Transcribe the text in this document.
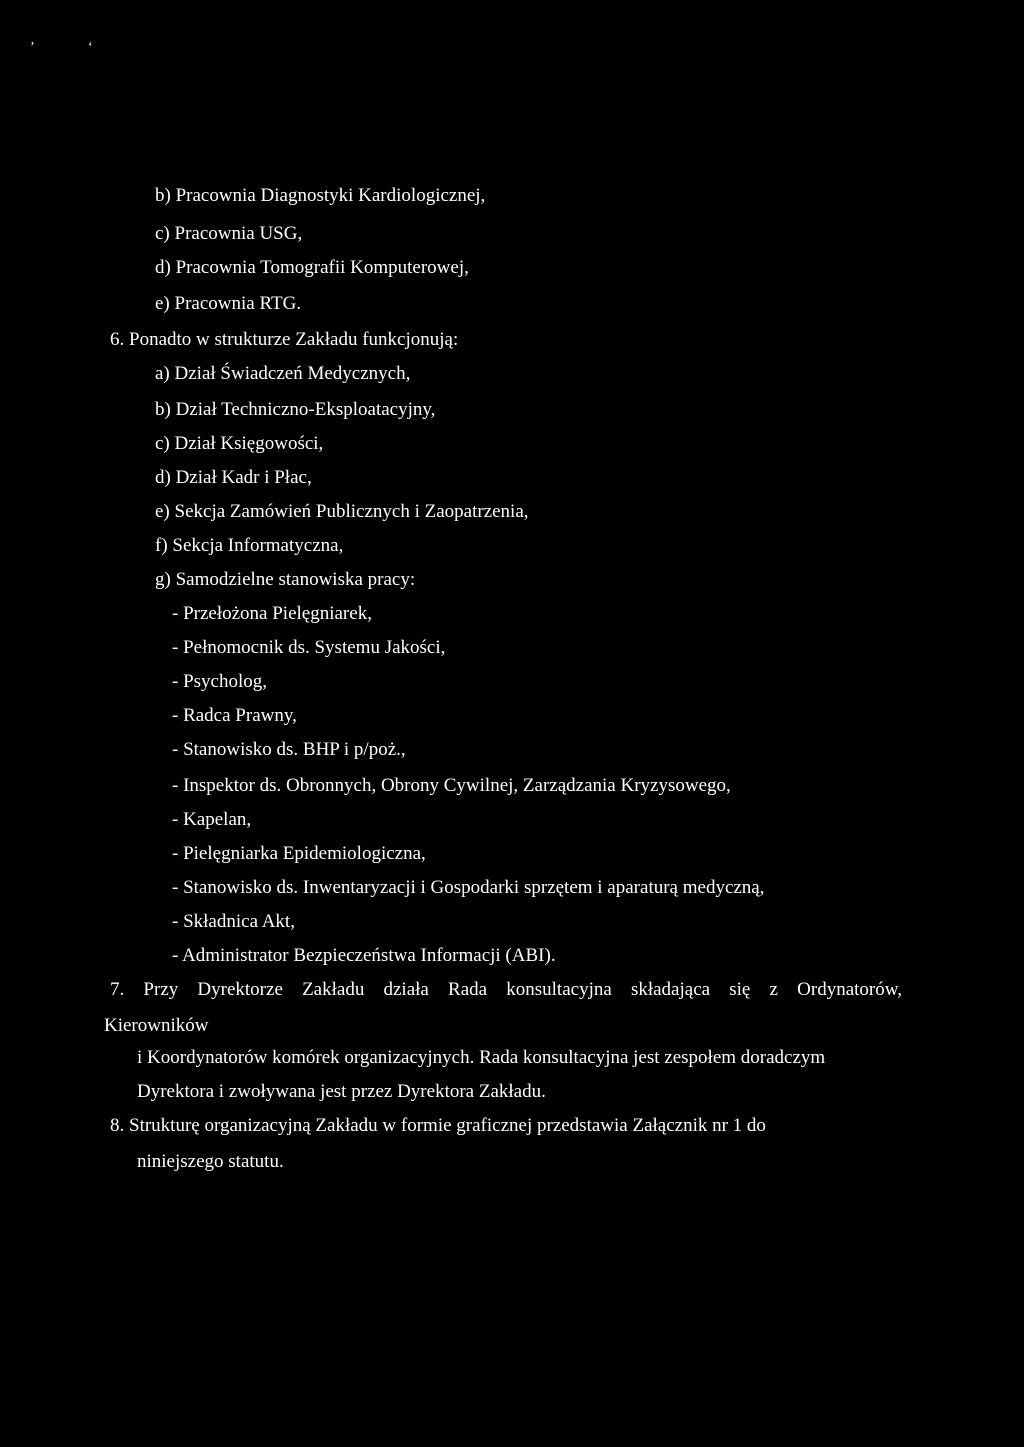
ʼ	ʻ
b) Pracownia Diagnostyki Kardiologicznej,
c) Pracownia USG,
d) Pracownia Tomografii Komputerowej,
e) Pracownia RTG.
6. Ponadto w strukturze Zakładu funkcjonują:
a) Dział Świadczeń Medycznych,
b) Dział Techniczno-Eksploatacyjny,
c) Dział Księgowości,
d) Dział Kadr i Płac,
e) Sekcja Zamówień Publicznych i Zaopatrzenia,
f) Sekcja Informatyczna,
g) Samodzielne stanowiska pracy:
- Przełożona Pielęgniarek,
- Pełnomocnik ds. Systemu Jakości,
- Psycholog,
- Radca Prawny,
- Stanowisko ds. BHP i p/poż.,
- Inspektor ds. Obronnych, Obrony Cywilnej, Zarządzania Kryzysowego,
- Kapelan,
- Pielęgniarka Epidemiologiczna,
- Stanowisko ds. Inwentaryzacji i Gospodarki sprzętem i aparaturą medyczną,
- Składnica Akt,
- Administrator Bezpieczeństwa Informacji (ABI).
7. Przy Dyrektorze Zakładu działa Rada konsultacyjna składająca się z Ordynatorów,
Kierowników
i Koordynatorów komórek organizacyjnych. Rada konsultacyjna jest zespołem doradczym
Dyrektora i zwoływana jest przez Dyrektora Zakładu.
8. Strukturę organizacyjną Zakładu w formie graficznej przedstawia Załącznik nr 1 do
niniejszego statutu.
